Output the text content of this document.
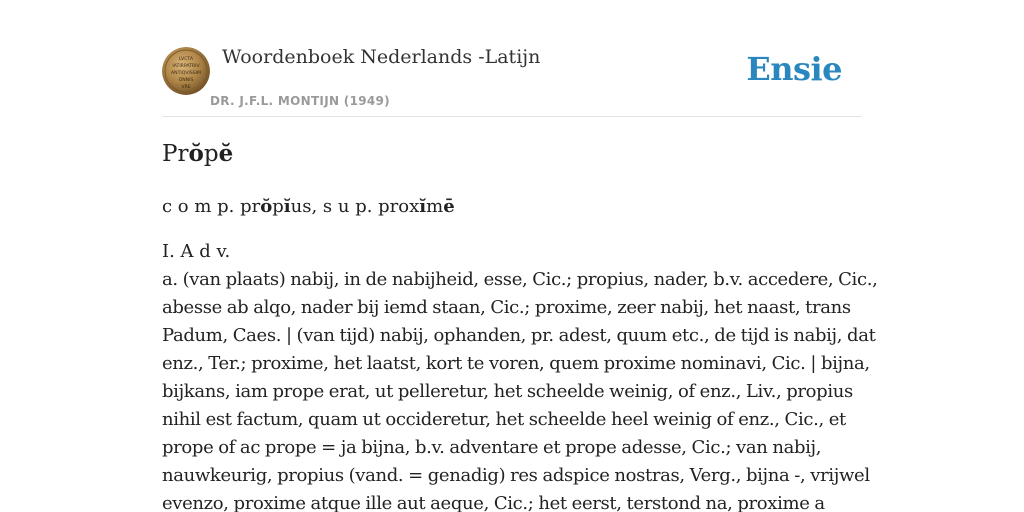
LVCTA
IATIRPATRIV
ANTIQVISSIM
ONNIS
VRE
Woordenboek Nederlands -Latijn
DR. J.F.L. MONTIJN (1949)
Ensie
Prŏpĕ

c o m p. prŏpĭus, s u p. proxĭmē

I. A d v.

a. (van plaats) nabij, in de nabijheid, esse, Cic.; propius, nader, b.v. accedere, Cic.,
abesse ab alqo, nader bij iemd staan, Cic.; proxime, zeer nabij, het naast, trans
Padum, Caes. | (van tijd) nabij, ophanden, pr. adest, quum etc., de tijd is nabij, dat
enz., Ter.; proxime, het laatst, kort te voren, quem proxime nominavi, Cic. | bijna,
bijkans, iam prope erat, ut pelleretur, het scheelde weinig, of enz., Liv., propius
nihil est factum, quam ut occideretur, het scheelde heel weinig of enz., Cic., et
prope of ac prope = ja bijna, b.v. adventare et prope adesse, Cic.; van nabij,
nauwkeurig, propius (vand. = genadig) res adspice nostras, Verg., bijna -, vrijwel
evenzo, proxime atque ille aut aeque, Cic.; het eerst, terstond na, proxime a
